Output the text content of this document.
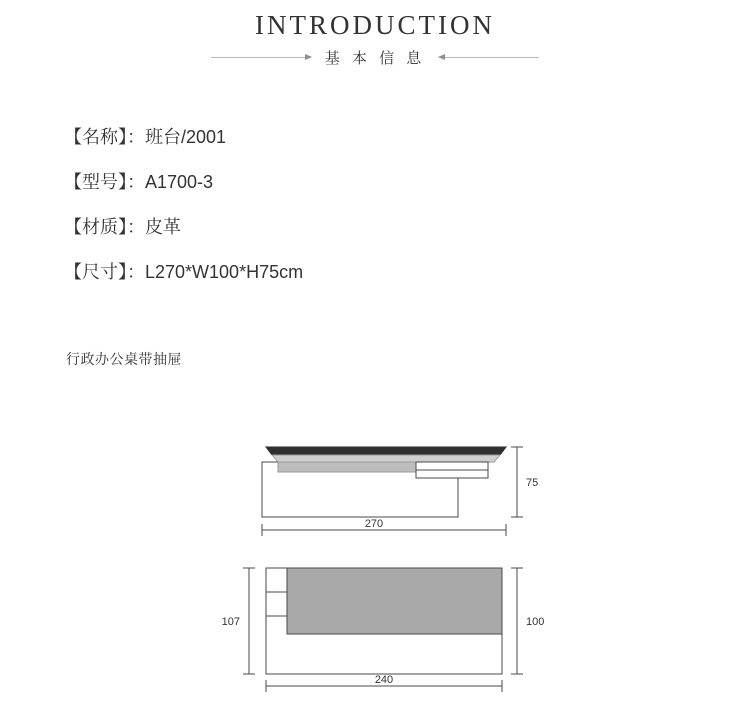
INTRODUCTION
基 本 信 息
【名称】：班台/2001
【型号】：A1700-3
【材质】：皮革
【尺寸】：L270*W100*H75cm
行政办公桌带抽屉
75
270
107	100
240
